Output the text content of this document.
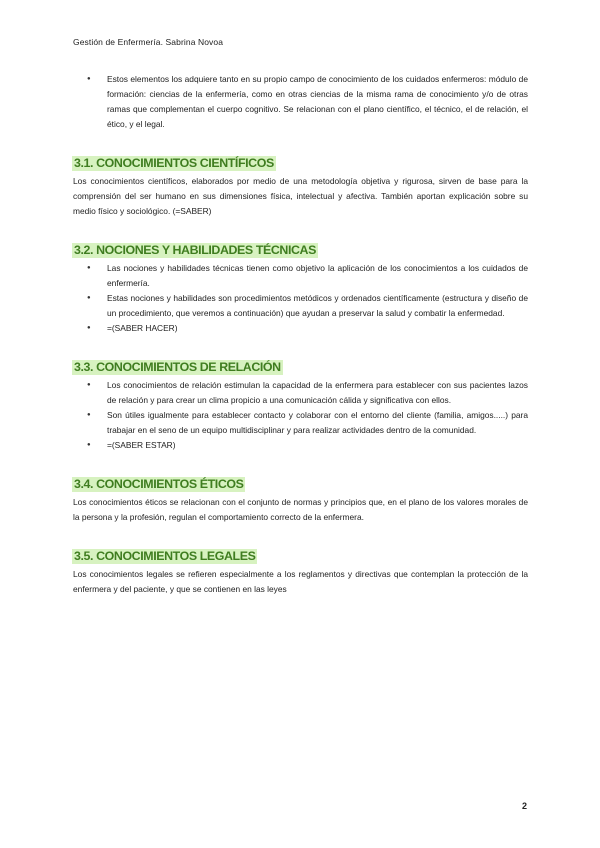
Gestión de Enfermería. Sabrina Novoa
● Estos elementos los adquiere tanto en su propio campo de conocimiento de los cuidados enfermeros: módulo de formación: ciencias de la enfermería, como en otras ciencias de la misma rama de conocimiento y/o de otras ramas que complementan el cuerpo cognitivo. Se relacionan con el plano científico, el técnico, el de relación, el ético, y el legal.
3.1. CONOCIMIENTOS CIENTÍFICOS

Los conocimientos científicos, elaborados por medio de una metodología objetiva y rigurosa, sirven de base para la comprensión del ser humano en sus dimensiones física, intelectual y afectiva. También aportan explicación sobre su medio físico y sociológico. (=SABER)

3.2. NOCIONES Y HABILIDADES TÉCNICAS
● Las nociones y habilidades técnicas tienen como objetivo la aplicación de los conocimientos a los cuidados de enfermería.
● Estas nociones y habilidades son procedimientos metódicos y ordenados científicamente (estructura y diseño de un procedimiento, que veremos a continuación) que ayudan a preservar la salud y combatir la enfermedad.
● =(SABER HACER)
3.3. CONOCIMIENTOS DE RELACIÓN
● Los conocimientos de relación estimulan la capacidad de la enfermera para establecer con sus pacientes lazos de relación y para crear un clima propicio a una comunicación cálida y significativa con ellos.
● Son útiles igualmente para establecer contacto y colaborar con el entorno del cliente (familia, amigos.....) para trabajar en el seno de un equipo multidisciplinar y para realizar actividades dentro de la comunidad.
● =(SABER ESTAR)
3.4. CONOCIMIENTOS ÉTICOS

Los conocimientos éticos se relacionan con el conjunto de normas y principios que, en el plano de los valores morales de la persona y la profesión, regulan el comportamiento correcto de la enfermera.

3.5. CONOCIMIENTOS LEGALES

Los conocimientos legales se refieren especialmente a los reglamentos y directivas que contemplan la protección de la enfermera y del paciente, y que se contienen en las leyes

2
